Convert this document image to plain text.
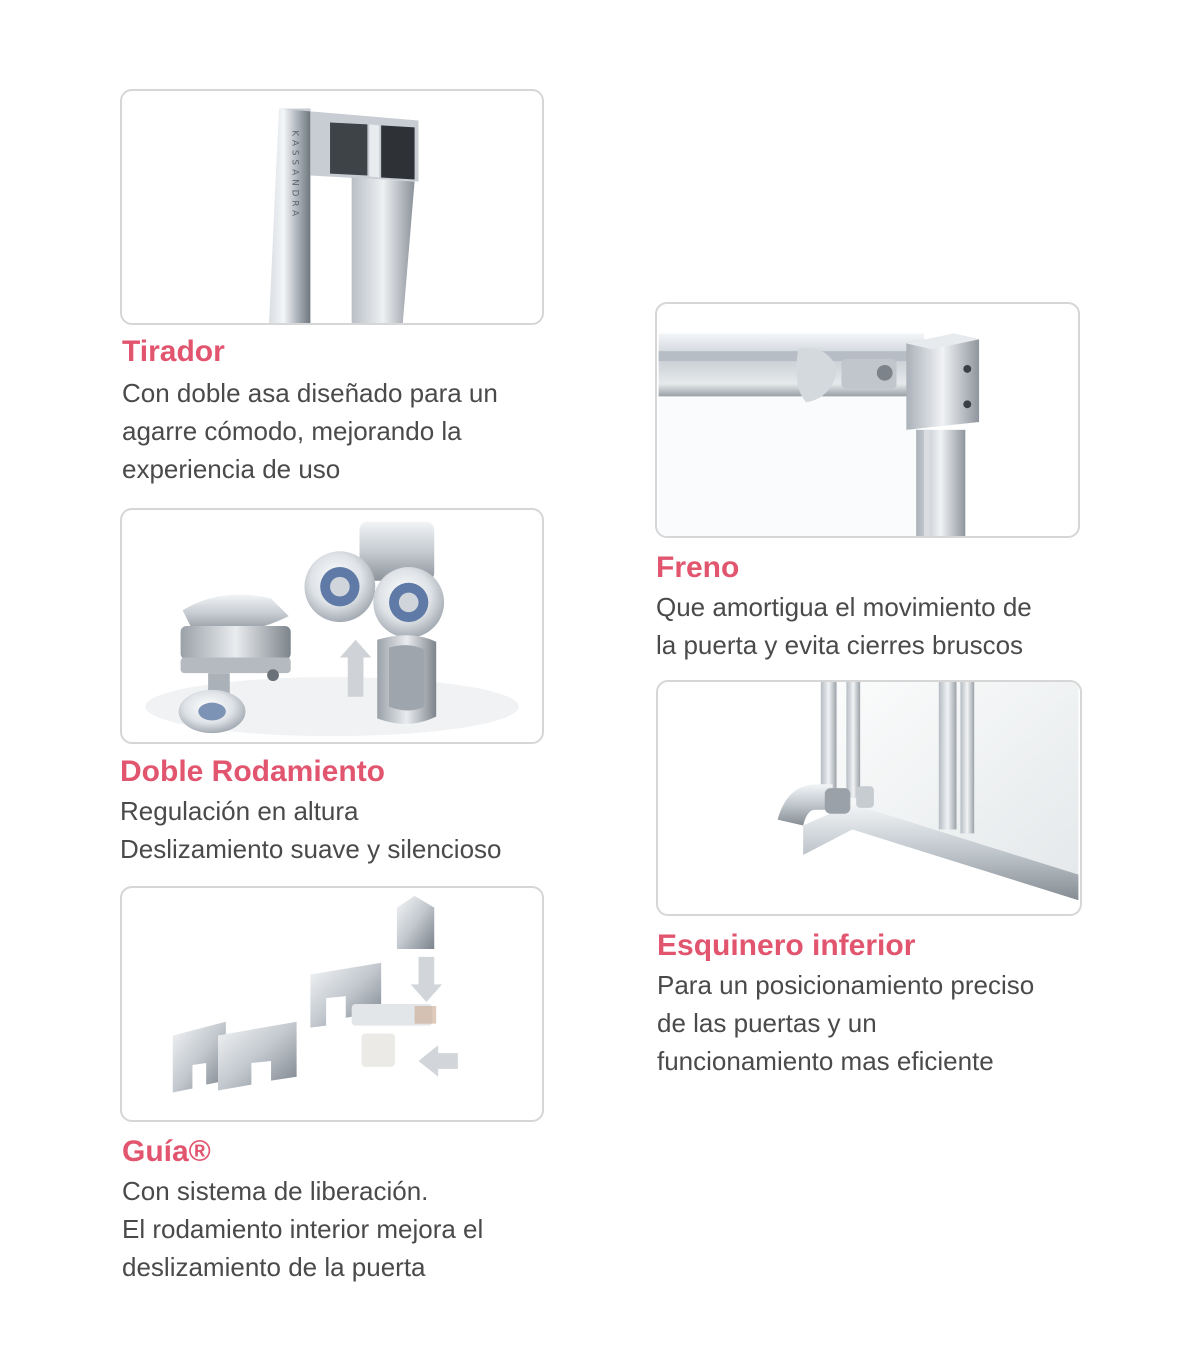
KASSANDRA

Tirador

Con doble asa diseñado para un

agarre cómodo, mejorando la

experiencia de uso

Doble Rodamiento

Regulación en altura

Deslizamiento suave y silencioso

Guía®

Con sistema de liberación.

El rodamiento interior mejora el

deslizamiento de la puerta

Freno

Que amortigua el movimiento de

la puerta y evita cierres bruscos

Esquinero inferior

Para un posicionamiento preciso

de las puertas y un

funcionamiento mas eficiente
